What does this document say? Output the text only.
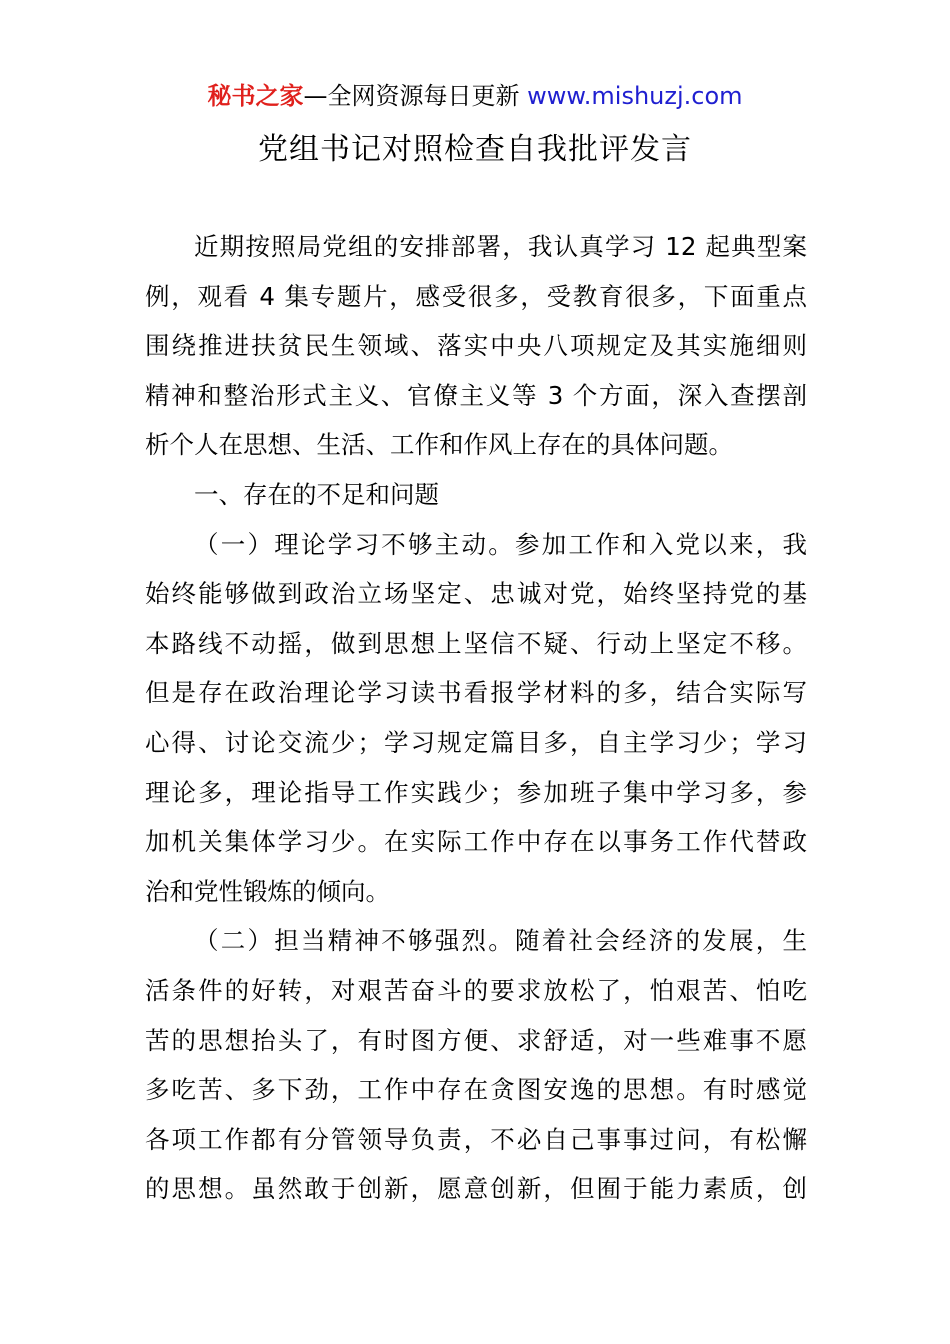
秘书之家—全网资源每日更新 www.mishuzj.com
党组书记对照检查自我批评发言
近期按照局党组的安排部署，我认真学习 12 起典型案
例，观看 4 集专题片，感受很多，受教育很多，下面重点
围绕推进扶贫民生领域、落实中央八项规定及其实施细则
精神和整治形式主义、官僚主义等 3 个方面，深入查摆剖
析个人在思想、生活、工作和作风上存在的具体问题。
一、存在的不足和问题
（一）理论学习不够主动。参加工作和入党以来，我
始终能够做到政治立场坚定、忠诚对党，始终坚持党的基
本路线不动摇，做到思想上坚信不疑、行动上坚定不移。
但是存在政治理论学习读书看报学材料的多，结合实际写
心得、讨论交流少；学习规定篇目多，自主学习少；学习
理论多，理论指导工作实践少；参加班子集中学习多，参
加机关集体学习少。在实际工作中存在以事务工作代替政
治和党性锻炼的倾向。
（二）担当精神不够强烈。随着社会经济的发展，生
活条件的好转，对艰苦奋斗的要求放松了，怕艰苦、怕吃
苦的思想抬头了，有时图方便、求舒适，对一些难事不愿
多吃苦、多下劲，工作中存在贪图安逸的思想。有时感觉
各项工作都有分管领导负责，不必自己事事过问，有松懈
的思想。虽然敢于创新，愿意创新，但囿于能力素质，创
